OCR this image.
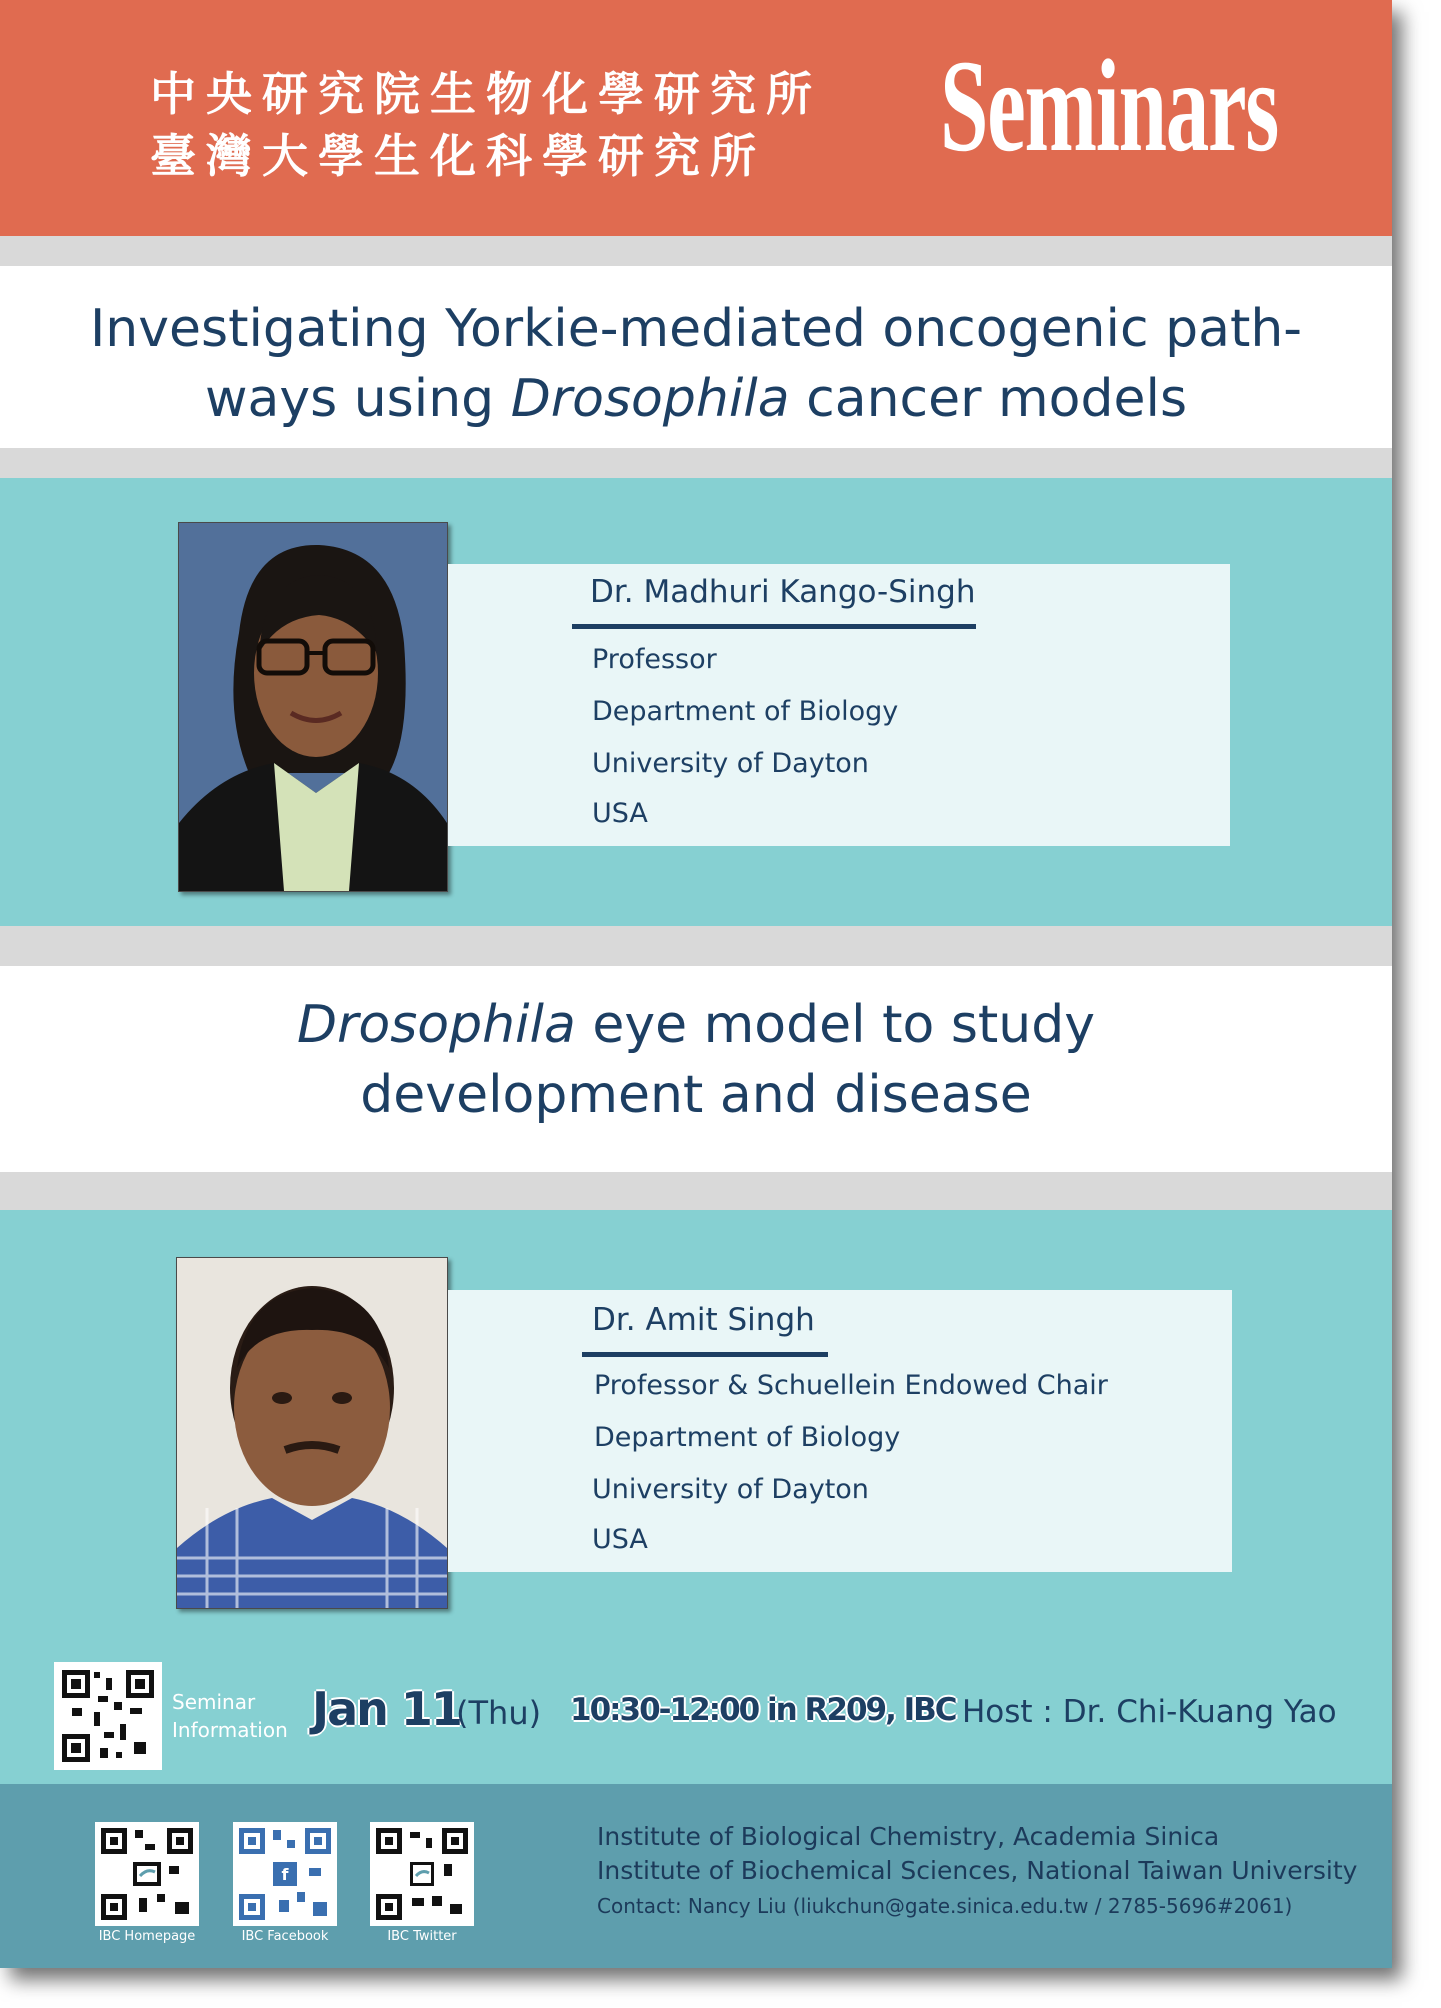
中央研究院生物化學研究所
臺灣大學生化科學研究所 Seminars
Investigating Yorkie-mediated oncogenic path-
ways using Drosophila cancer models
Dr. Madhuri Kango-Singh
Professor
Department of Biology
University of Dayton
USA
Drosophila eye model to study
development and disease
Dr. Amit Singh
Professor & Schuellein Endowed Chair
Department of Biology
University of Dayton
USA
Seminar
Information Jan 11
(Thu) 10:30-12:00 in R209, IBC Host : Dr. Chi-Kuang Yao
IBC Homepage
f
IBC Facebook	IBC Twitter
Institute of Biological Chemistry, Academia Sinica
Institute of Biochemical Sciences, National Taiwan University
Contact: Nancy Liu (liukchun@gate.sinica.edu.tw / 2785-5696#2061)
